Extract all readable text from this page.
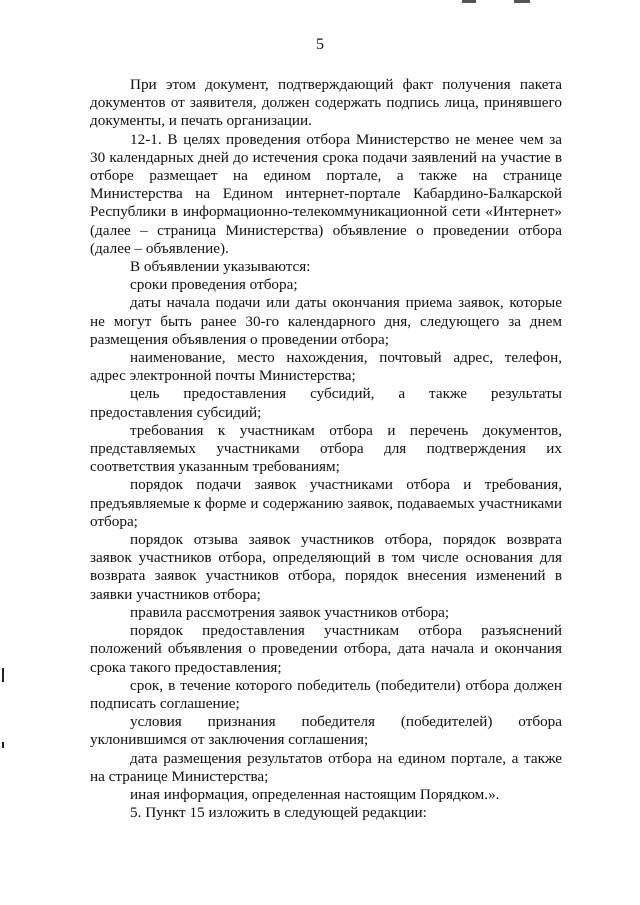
5

При этом документ, подтверждающий факт получения пакета документов от заявителя, должен содержать подпись лица, принявшего документы, и печать организации.

12-1. В целях проведения отбора Министерство не менее чем за 30 календарных дней до истечения срока подачи заявлений на участие в отборе размещает на едином портале, а также на странице Министерства на Едином интернет-портале Кабардино-Балкарской Республики в информационно-телекоммуникационной сети «Интернет» (далее – страница Министерства) объявление о проведении отбора (далее – объявление).

В объявлении указываются:

сроки проведения отбора;

даты начала подачи или даты окончания приема заявок, которые не могут быть ранее 30-го календарного дня, следующего за днем размещения объявления о проведении отбора;

наименование, место нахождения, почтовый адрес, телефон, адрес электронной почты Министерства;

цель предоставления субсидий, а также результаты предоставления субсидий;

требования к участникам отбора и перечень документов, представляемых участниками отбора для подтверждения их соответствия указанным требованиям;

порядок подачи заявок участниками отбора и требования, предъявляемые к форме и содержанию заявок, подаваемых участниками отбора;

порядок отзыва заявок участников отбора, порядок возврата заявок участников отбора, определяющий в том числе основания для возврата заявок участников отбора, порядок внесения изменений в заявки участников отбора;

правила рассмотрения заявок участников отбора;

порядок предоставления участникам отбора разъяснений положений объявления о проведении отбора, дата начала и окончания срока такого предоставления;

срок, в течение которого победитель (победители) отбора должен подписать соглашение;

условия признания победителя (победителей) отбора уклонившимся от заключения соглашения;

дата размещения результатов отбора на едином портале, а также на странице Министерства;

иная информация, определенная настоящим Порядком.».

5. Пункт 15 изложить в следующей редакции:
